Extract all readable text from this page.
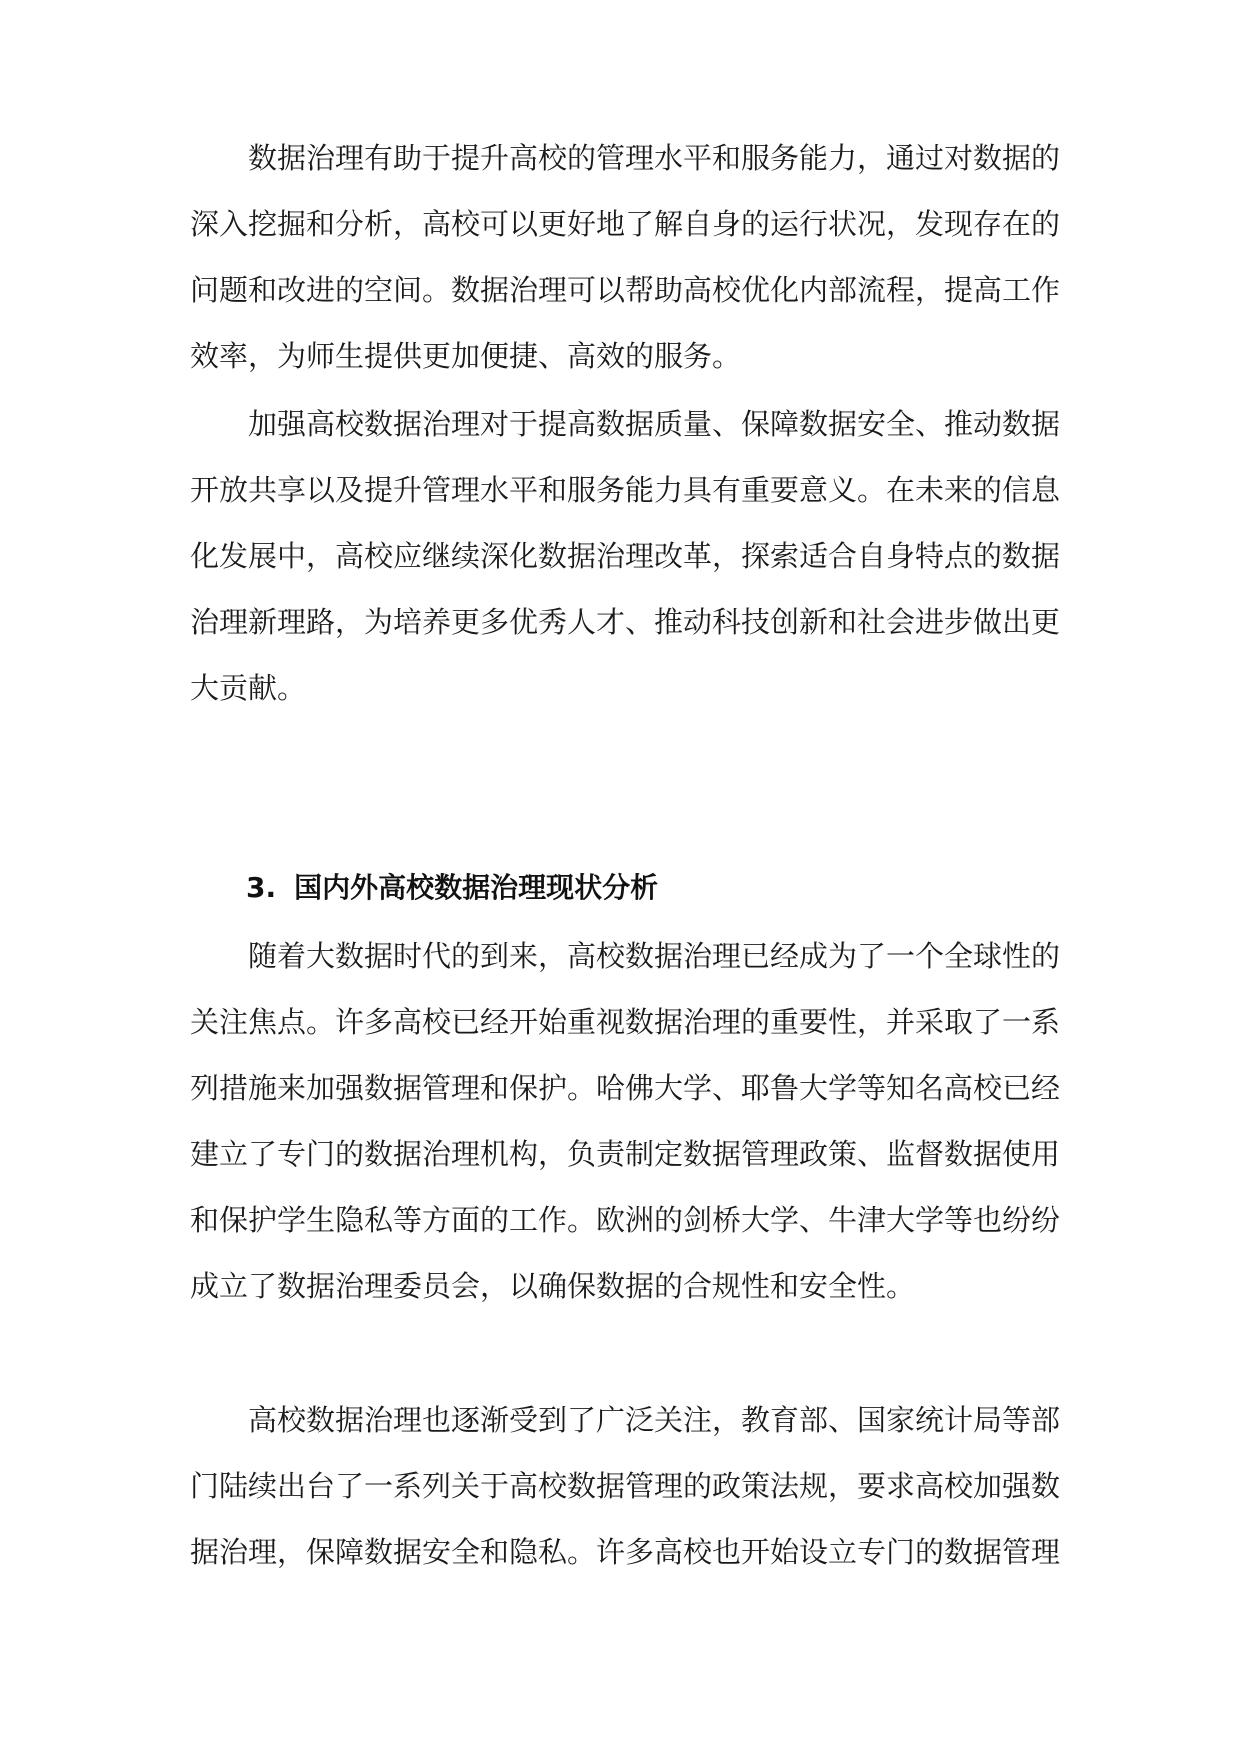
数据治理有助于提升高校的管理水平和服务能力，通过对数据的
深入挖掘和分析，高校可以更好地了解自身的运行状况，发现存在的
问题和改进的空间。数据治理可以帮助高校优化内部流程，提高工作
效率，为师生提供更加便捷、高效的服务。
加强高校数据治理对于提高数据质量、保障数据安全、推动数据
开放共享以及提升管理水平和服务能力具有重要意义。在未来的信息
化发展中，高校应继续深化数据治理改革，探索适合自身特点的数据
治理新理路，为培养更多优秀人才、推动科技创新和社会进步做出更
大贡献。
3. 国内外高校数据治理现状分析
随着大数据时代的到来，高校数据治理已经成为了一个全球性的
关注焦点。许多高校已经开始重视数据治理的重要性，并采取了一系
列措施来加强数据管理和保护。哈佛大学、耶鲁大学等知名高校已经
建立了专门的数据治理机构，负责制定数据管理政策、监督数据使用
和保护学生隐私等方面的工作。欧洲的剑桥大学、牛津大学等也纷纷
成立了数据治理委员会，以确保数据的合规性和安全性。
高校数据治理也逐渐受到了广泛关注，教育部、国家统计局等部
门陆续出台了一系列关于高校数据管理的政策法规，要求高校加强数
据治理，保障数据安全和隐私。许多高校也开始设立专门的数据管理
